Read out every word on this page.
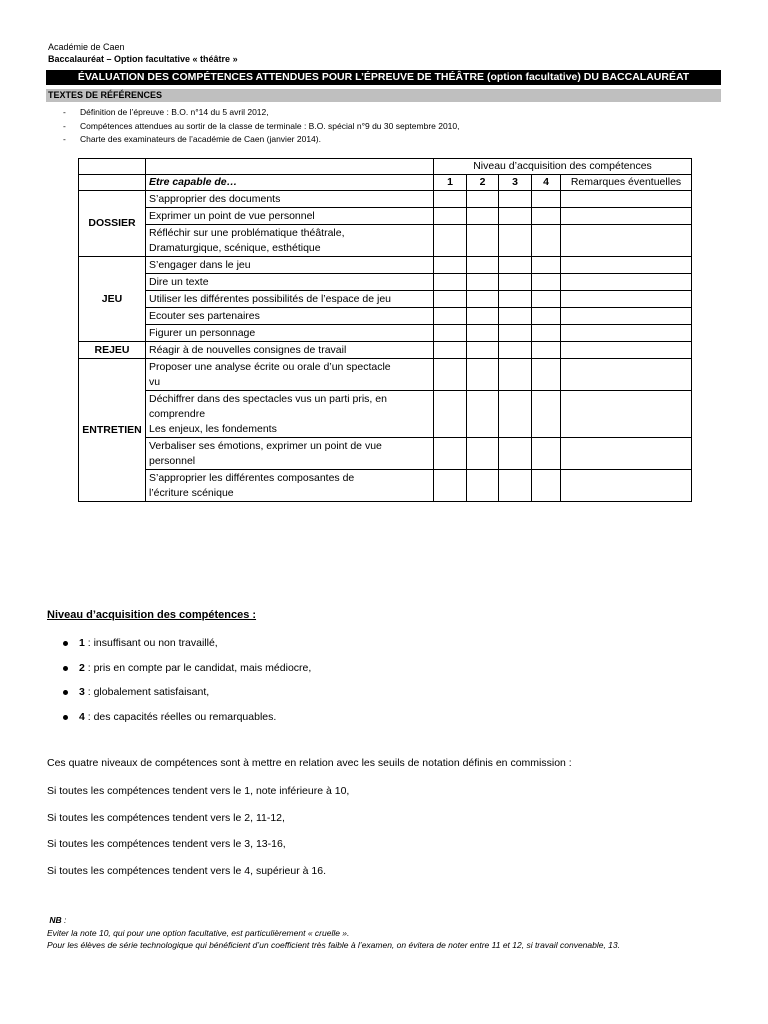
Académie de Caen
Baccalauréat – Option facultative « théâtre »
ÉVALUATION DES COMPÉTENCES ATTENDUES POUR L’ÉPREUVE DE THÉÂTRE (option facultative) DU BACCALAURÉAT
TEXTES DE RÉFÉRENCES
- Définition de l’épreuve : B.O. n°14 du 5 avril 2012,
- Compétences attendues au sortir de la classe de terminale : B.O. spécial n°9 du 30 septembre 2010,
- Charte des examinateurs de l’académie de Caen (janvier 2014).
		Niveau d’acquisition des compétences				
	Etre capable de…	1	2	3	4	Remarques éventuelles
DOSSIER	S’approprier des documents					
	Exprimer un point de vue personnel					
	Réfléchir sur une problématique théâtrale,
Dramaturgique, scénique, esthétique					
JEU	S’engager dans le jeu					
	Dire un texte					
	Utiliser les différentes possibilités de l’espace de jeu					
	Ecouter ses partenaires					
	Figurer un personnage					
REJEU	Réagir à de nouvelles consignes de travail					
ENTRETIEN	Proposer une analyse écrite ou orale d’un spectacle
vu					
	Déchiffrer dans des spectacles vus un parti pris, en
comprendre
Les enjeux, les fondements					
	Verbaliser ses émotions, exprimer un point de vue
personnel					
	S’approprier les différentes composantes de
l’écriture scénique					
Niveau d’acquisition des compétences :
1 : insuffisant ou non travaillé,
2 : pris en compte par le candidat, mais médiocre,
3 : globalement satisfaisant,
4 : des capacités réelles ou remarquables.
Ces quatre niveaux de compétences sont à mettre en relation avec les seuils de notation définis en commission :
Si toutes les compétences tendent vers le 1, note inférieure à 10,
Si toutes les compétences tendent vers le 2, 11-12,
Si toutes les compétences tendent vers le 3, 13-16,
Si toutes les compétences tendent vers le 4, supérieur à 16.
NB :
Eviter la note 10, qui pour une option facultative, est particulièrement « cruelle ».
Pour les élèves de série technologique qui bénéficient d’un coefficient très faible à l’examen, on évitera de noter entre 11 et 12, si travail convenable, 13.
